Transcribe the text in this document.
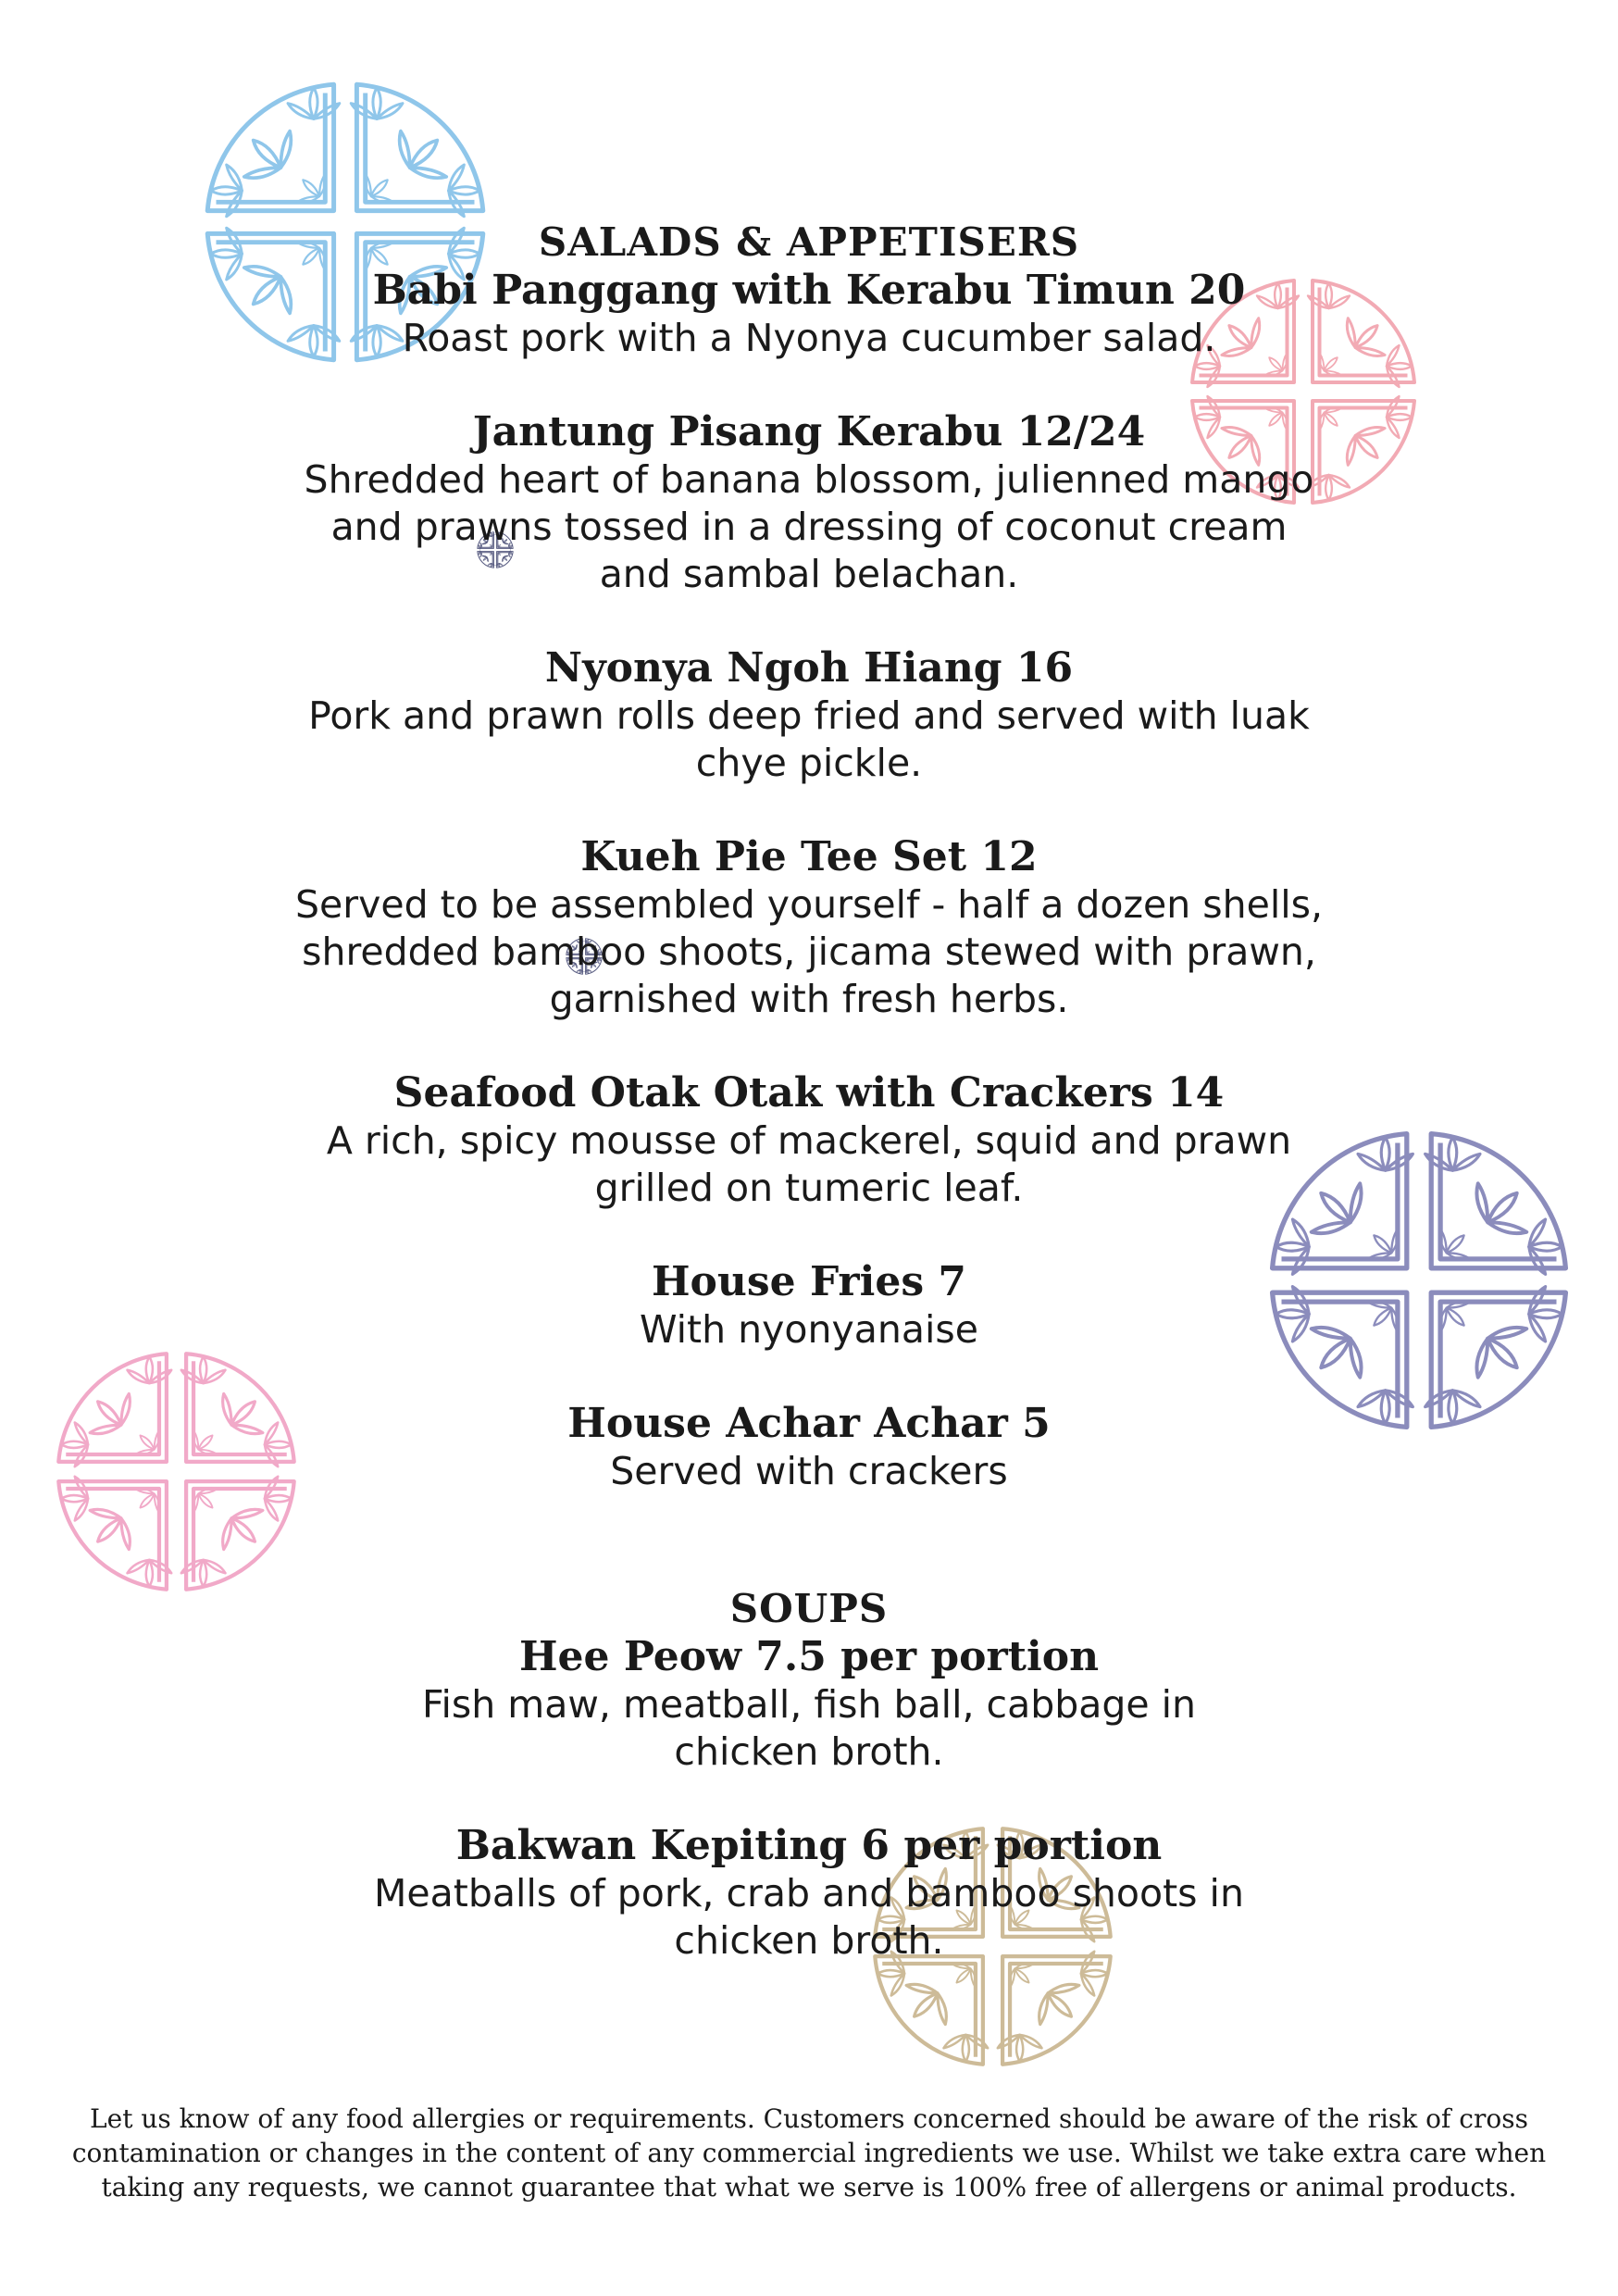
SALADS & APPETISERS
Babi Panggang with Kerabu Timun 20

Roast pork with a Nyonya cucumber salad.

Jantung Pisang Kerabu 12/24

Shredded heart of banana blossom, julienned mango and prawns tossed in a dressing of coconut cream and sambal belachan.

Nyonya Ngoh Hiang 16

Pork and prawn rolls deep fried and served with luak chye pickle.

Kueh Pie Tee Set 12

Served to be assembled yourself - half a dozen shells, shredded bamboo shoots, jicama stewed with prawn, garnished with fresh herbs.

Seafood Otak Otak with Crackers 14

A rich, spicy mousse of mackerel, squid and prawn grilled on tumeric leaf.

House Fries 7

With nyonyanaise

House Achar Achar 5

Served with crackers

SOUPS
Hee Peow 7.5 per portion

Fish maw, meatball, fish ball, cabbage in chicken broth.

Bakwan Kepiting 6 per portion

Meatballs of pork, crab and bamboo shoots in chicken broth.

Let us know of any food allergies or requirements. Customers concerned should be aware of the risk of cross contamination or changes in the content of any commercial ingredients we use. Whilst we take extra care when taking any requests, we cannot guarantee that what we serve is 100% free of allergens or animal products.
